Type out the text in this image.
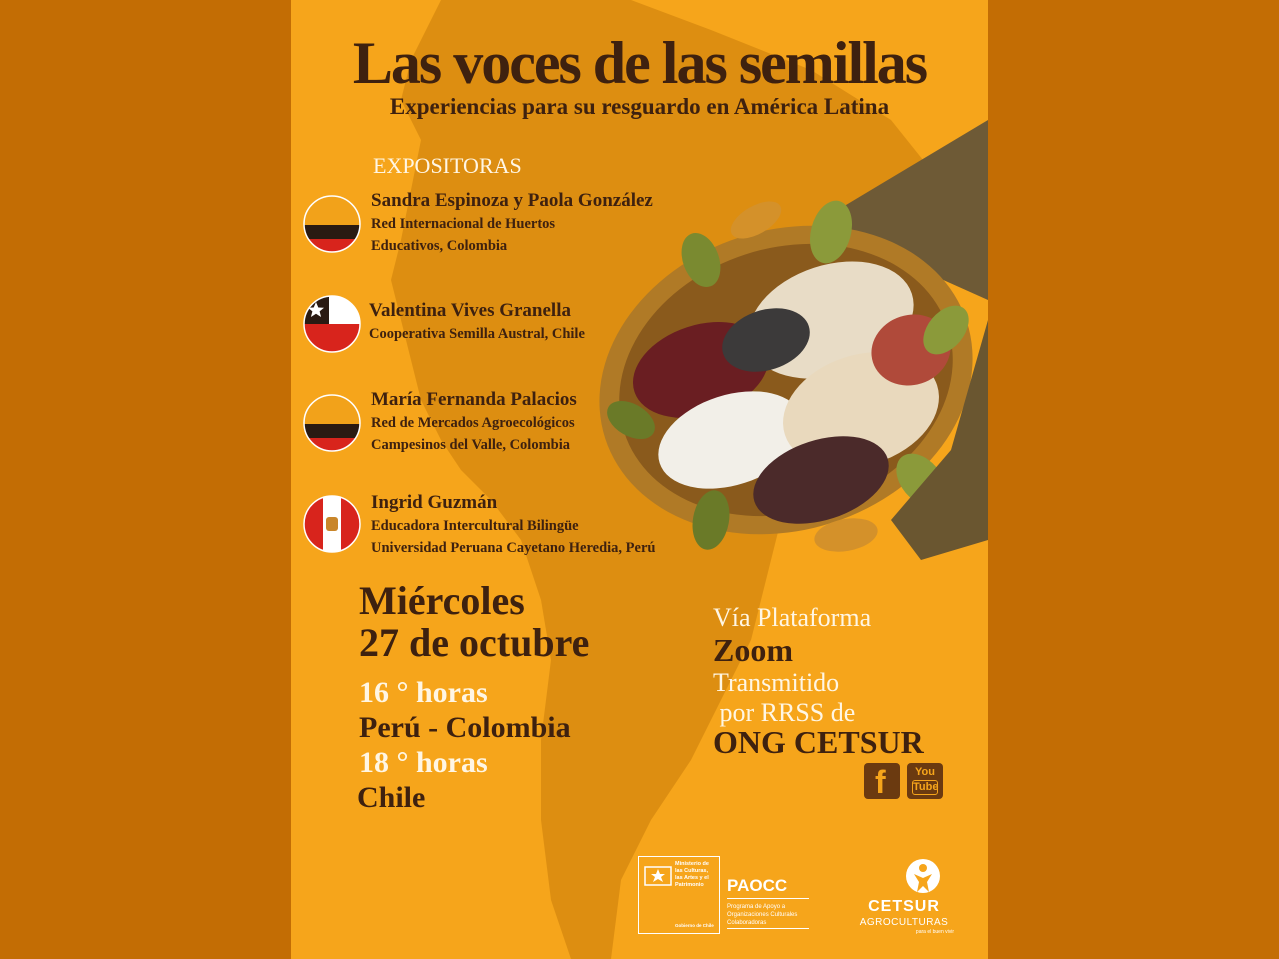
Las voces de las semillas
Experiencias para su resguardo en América Latina
EXPOSITORAS
Sandra Espinoza y Paola González
Red Internacional de Huertos
Educativos, Colombia
Valentina Vives Granella
Cooperativa Semilla Austral, Chile
María Fernanda Palacios
Red de Mercados Agroecológicos
Campesinos del Valle, Colombia
Ingrid Guzmán
Educadora Intercultural Bilingüe
Universidad Peruana Cayetano Heredia, Perú
Miércoles
27 de octubre
16 ° horas
Perú - Colombia
18 ° horas
Chile
Vía Plataforma
Zoom
Transmitido
por RRSS de
ONG CETSUR
f	You
Tube
Ministerio de las Culturas, las Artes y el Patrimonio
Gobierno de Chile
PAOCC
Programa de Apoyo a Organizaciones Culturales Colaboradoras
CETSUR
AGROCULTURAS
para el buen vivir
